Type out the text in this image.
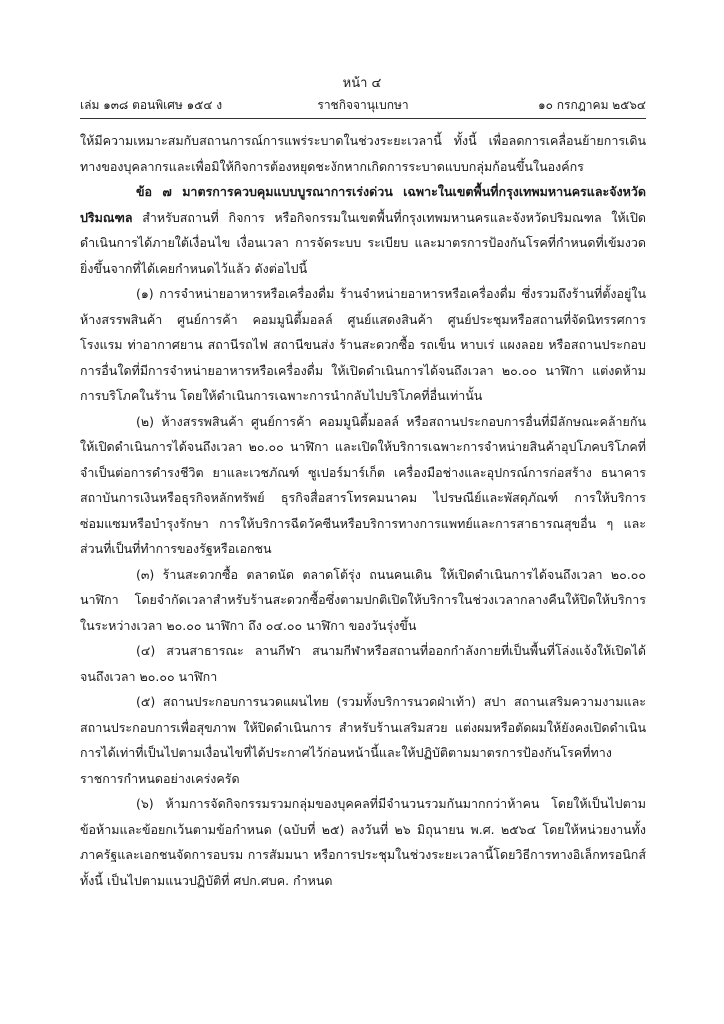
หน้า ๔
เล่ม ๑๓๘ ตอนพิเศษ ๑๕๔ ง	ราชกิจจานุเบกษา	๑๐ กรกฎาคม ๒๕๖๔

ให้มีความเหมาะสมกับสถานการณ์การแพร่ระบาดในช่วงระยะเวลานี้ ทั้งนี้ เพื่อลดการเคลื่อนย้ายการเดินทางของบุคลากรและเพื่อมิให้กิจการต้องหยุดชะงักหากเกิดการระบาดแบบกลุ่มก้อนขึ้นในองค์กร

ข้อ ๗ มาตรการควบคุมแบบบูรณาการเร่งด่วน เฉพาะในเขตพื้นที่กรุงเทพมหานครและจังหวัดปริมณฑล สำหรับสถานที่ กิจการ หรือกิจกรรมในเขตพื้นที่กรุงเทพมหานครและจังหวัดปริมณฑล ให้เปิดดำเนินการได้ภายใต้เงื่อนไข เงื่อนเวลา การจัดระบบ ระเบียบ และมาตรการป้องกันโรคที่กำหนดที่เข้มงวดยิ่งขึ้นจากที่ได้เคยกำหนดไว้แล้ว ดังต่อไปนี้

(๑) การจำหน่ายอาหารหรือเครื่องดื่ม ร้านจำหน่ายอาหารหรือเครื่องดื่ม ซึ่งรวมถึงร้านที่ตั้งอยู่ในห้างสรรพสินค้า ศูนย์การค้า คอมมูนิตี้มอลล์ ศูนย์แสดงสินค้า ศูนย์ประชุมหรือสถานที่จัดนิทรรศการ โรงแรม ท่าอากาศยาน สถานีรถไฟ สถานีขนส่ง ร้านสะดวกซื้อ รถเข็น หาบเร่ แผงลอย หรือสถานประกอบการอื่นใดที่มีการจำหน่ายอาหารหรือเครื่องดื่ม ให้เปิดดำเนินการได้จนถึงเวลา ๒๐.๐๐ นาฬิกา แต่งดห้ามการบริโภคในร้าน โดยให้ดำเนินการเฉพาะการนำกลับไปบริโภคที่อื่นเท่านั้น

(๒) ห้างสรรพสินค้า ศูนย์การค้า คอมมูนิตี้มอลล์ หรือสถานประกอบการอื่นที่มีลักษณะคล้ายกัน ให้เปิดดำเนินการได้จนถึงเวลา ๒๐.๐๐ นาฬิกา และเปิดให้บริการเฉพาะการจำหน่ายสินค้าอุปโภคบริโภคที่จำเป็นต่อการดำรงชีวิต ยาและเวชภัณฑ์ ซูเปอร์มาร์เก็ต เครื่องมือช่างและอุปกรณ์การก่อสร้าง ธนาคาร สถาบันการเงินหรือธุรกิจหลักทรัพย์ ธุรกิจสื่อสารโทรคมนาคม ไปรษณีย์และพัสดุภัณฑ์ การให้บริการซ่อมแซมหรือบำรุงรักษา การให้บริการฉีดวัคซีนหรือบริการทางการแพทย์และการสาธารณสุขอื่น ๆ และส่วนที่เป็นที่ทำการของรัฐหรือเอกชน

(๓) ร้านสะดวกซื้อ ตลาดนัด ตลาดโต้รุ่ง ถนนคนเดิน ให้เปิดดำเนินการได้จนถึงเวลา ๒๐.๐๐ นาฬิกา โดยจำกัดเวลาสำหรับร้านสะดวกซื้อซึ่งตามปกติเปิดให้บริการในช่วงเวลากลางคืนให้ปิดให้บริการในระหว่างเวลา ๒๐.๐๐ นาฬิกา ถึง ๐๔.๐๐ นาฬิกา ของวันรุ่งขึ้น

(๔) สวนสาธารณะ ลานกีฬา สนามกีฬาหรือสถานที่ออกกำลังกายที่เป็นพื้นที่โล่งแจ้งให้เปิดได้จนถึงเวลา ๒๐.๐๐ นาฬิกา

(๕) สถานประกอบการนวดแผนไทย (รวมทั้งบริการนวดฝ่าเท้า) สปา สถานเสริมความงามและสถานประกอบการเพื่อสุขภาพ ให้ปิดดำเนินการ สำหรับร้านเสริมสวย แต่งผมหรือตัดผมให้ยังคงเปิดดำเนินการได้เท่าที่เป็นไปตามเงื่อนไขที่ได้ประกาศไว้ก่อนหน้านี้และให้ปฏิบัติตามมาตรการป้องกันโรคที่ทางราชการกำหนดอย่างเคร่งครัด

(๖) ห้ามการจัดกิจกรรมรวมกลุ่มของบุคคลที่มีจำนวนรวมกันมากกว่าห้าคน โดยให้เป็นไปตามข้อห้ามและข้อยกเว้นตามข้อกำหนด (ฉบับที่ ๒๕) ลงวันที่ ๒๖ มิถุนายน พ.ศ. ๒๕๖๔ โดยให้หน่วยงานทั้งภาครัฐและเอกชนจัดการอบรม การสัมมนา หรือการประชุมในช่วงระยะเวลานี้โดยวิธีการทางอิเล็กทรอนิกส์ ทั้งนี้ เป็นไปตามแนวปฏิบัติที่ ศปก.ศบค. กำหนด
